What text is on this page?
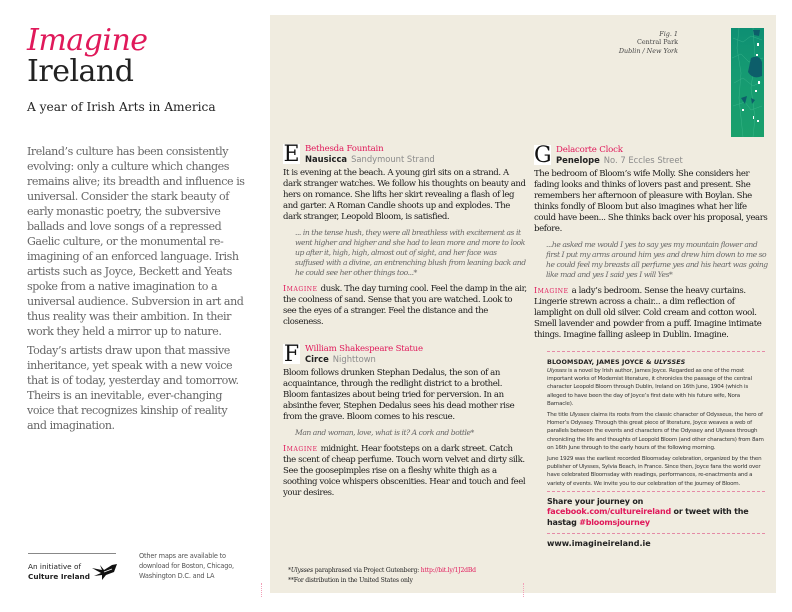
Imagine
Ireland
A year of Irish Arts in America

Ireland’s culture has been consistently evolving: only a culture which changes remains alive; its breadth and influence is universal. Consider the stark beauty of early monastic poetry, the subversive ballads and love songs of a repressed Gaelic culture, or the monumental re-imagining of an enforced language. Irish artists such as Joyce, Beckett and Yeats spoke from a native imagination to a universal audience. Subversion in art and thus reality was their ambition. In their work they held a mirror up to nature.

Today’s artists draw upon that massive inheritance, yet speak with a new voice that is of today, yesterday and tomorrow. Theirs is an inevitable, ever-changing voice that recognizes kinship of reality and imagination.

An initiative of
Culture Ireland
Other maps are available to download for Boston, Chicago, Washington D.C. and LA
Fig. 1
Central Park
Dublin / New York
E Bethesda Fountain
Nausicca Sandymount Strand
It is evening at the beach. A young girl sits on a strand. A dark stranger watches. We follow his thoughts on beauty and hers on romance. She lifts her skirt revealing a flash of leg and garter. A Roman Candle shoots up and explodes. The dark stranger, Leopold Bloom, is satisfied.
... in the tense hush, they were all breathless with excitement as it went higher and higher and she had to lean more and more to look up after it, high, high, almost out of sight, and her face was suffused with a divine, an entrenching blush from leaning back and he could see her other things too...*
Imagine dusk. The day turning cool. Feel the damp in the air, the coolness of sand. Sense that you are watched. Look to see the eyes of a stranger. Feel the distance and the closeness.
F William Shakespeare Statue
Circe Nighttown
Bloom follows drunken Stephan Dedalus, the son of an acquaintance, through the redlight district to a brothel. Bloom fantasizes about being tried for perversion. In an absinthe fever, Stephen Dedalus sees his dead mother rise from the grave. Bloom comes to his rescue.
Man and woman, love, what is it? A cork and bottle*
Imagine midnight. Hear footsteps on a dark street. Catch the scent of cheap perfume. Touch worn velvet and dirty silk. See the goosepimples rise on a fleshy white thigh as a soothing voice whispers obscenities. Hear and touch and feel your desires.
G Delacorte Clock
Penelope No. 7 Eccles Street
The bedroom of Bloom’s wife Molly. She considers her fading looks and thinks of lovers past and present. She remembers her afternoon of pleasure with Boylan. She thinks fondly of Bloom but also imagines what her life could have been... She thinks back over his proposal, years before.
...he asked me would I yes to say yes my mountain flower and first I put my arms around him yes and drew him down to me so he could feel my breasts all perfume yes and his heart was going like mad and yes I said yes I will Yes*
Imagine a lady’s bedroom. Sense the heavy curtains. Lingerie strewn across a chair... a dim reflection of lamplight on dull old silver. Cold cream and cotton wool. Smell lavender and powder from a puff. Imagine intimate things. Imagine falling asleep in Dublin. Imagine.
BLOOMSDAY, JAMES JOYCE & ULYSSES
Ulysses is a novel by Irish author, James Joyce. Regarded as one of the most important works of Modernist literature, it chronicles the passage of the central character Leopold Bloom through Dublin, Ireland on 16th June, 1904 (which is alleged to have been the day of Joyce’s first date with his future wife, Nora Barnacle).
The title Ulysses claims its roots from the classic character of Odysseus, the hero of Homer’s Odyssey. Through this great piece of literature, Joyce weaves a web of parallels between the events and characters of the Odyssey and Ulysses through chronicling the life and thoughts of Leopold Bloom (and other characters) from 8am on 16th June through to the early hours of the following morning.
June 1929 was the earliest recorded Bloomsday celebration, organized by the then publisher of Ulysses, Sylvia Beach, in France. Since then, Joyce fans the world over have celebrated Bloomsday with readings, performances, re-enactments and a variety of events. We invite you to our celebration of the journey of Bloom.
Share your journey on facebook.com/cultureireland or tweet with the hastag #bloomsjourney
www.imagineireland.ie
*Ulysses paraphrased via Project Gutenberg: http://bit.ly/1J2dBd
**For distribution in the United States only
